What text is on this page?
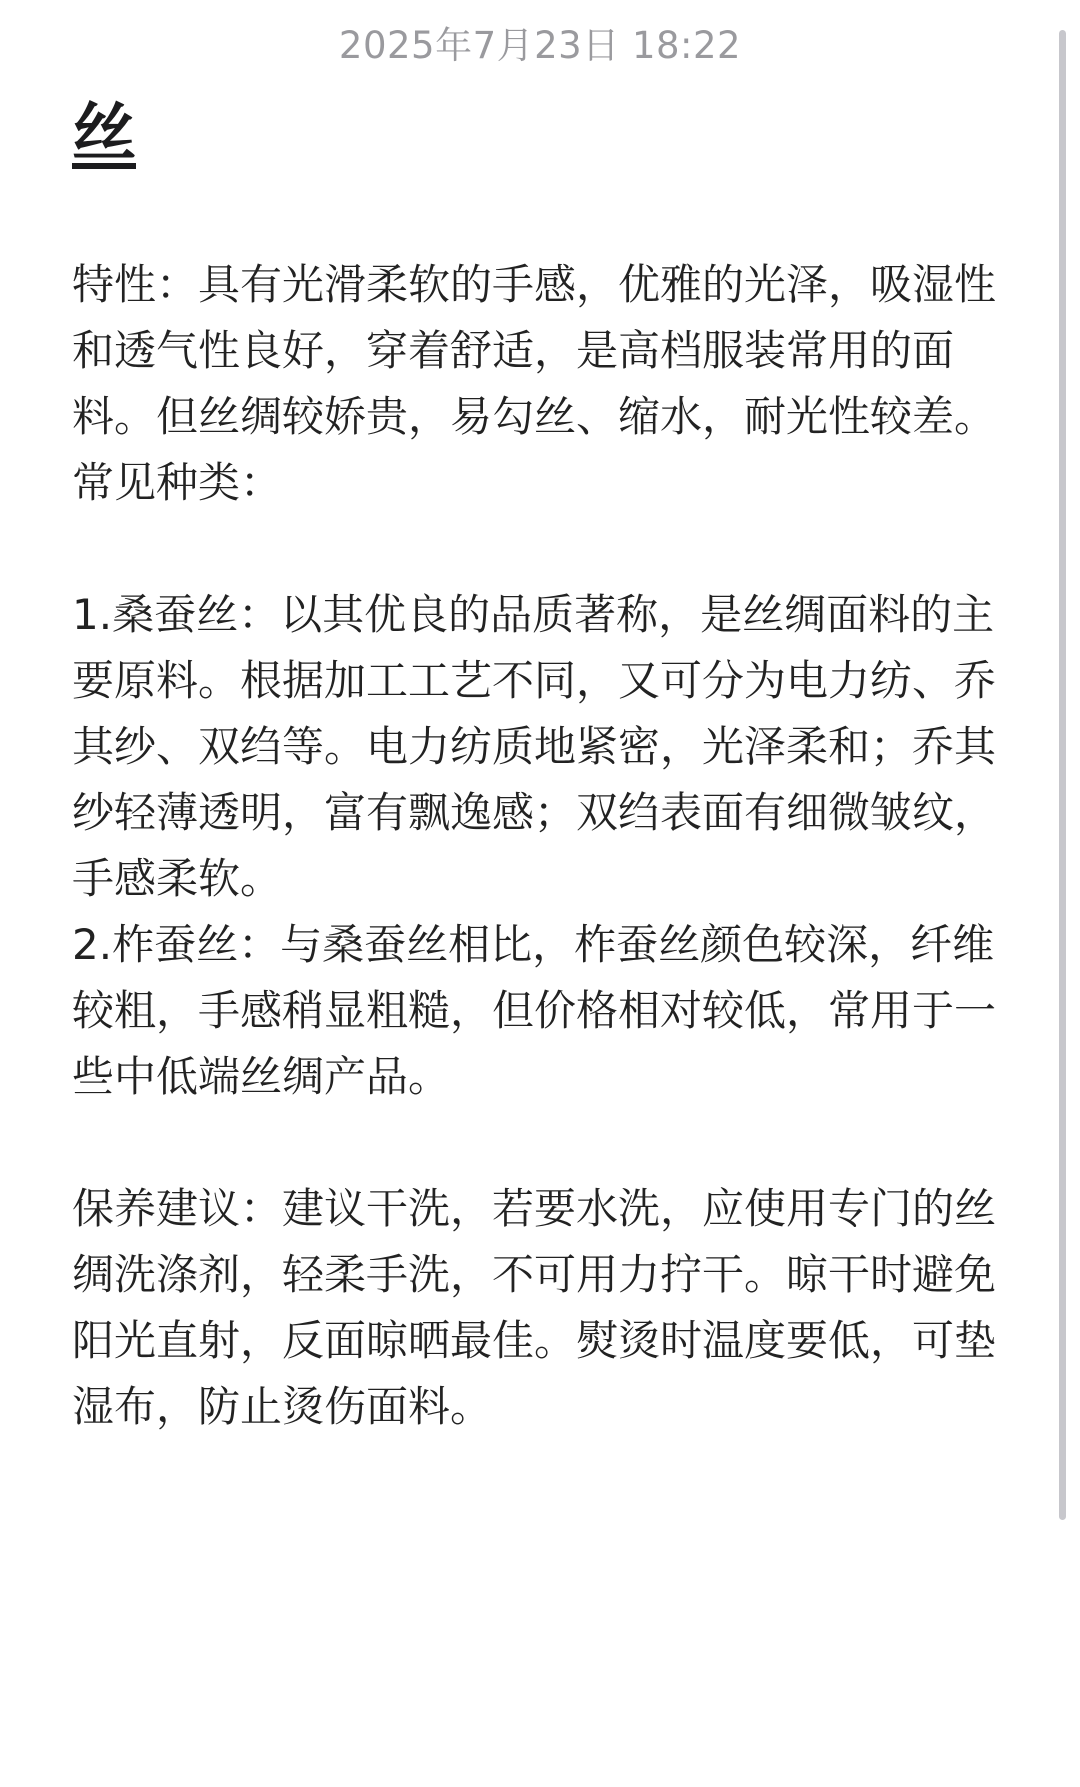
2025年7月23日 18:22
丝

特性：具有光滑柔软的手感，优雅的光泽，吸湿性和透气性良好，穿着舒适，是高档服装常用的面料。但丝绸较娇贵，易勾丝、缩水，耐光性较差。

常见种类：

1.桑蚕丝：以其优良的品质著称，是丝绸面料的主要原料。根据加工工艺不同，又可分为电力纺、乔其纱、双绉等。电力纺质地紧密，光泽柔和；乔其纱轻薄透明，富有飘逸感；双绉表面有细微皱纹，手感柔软。

2.柞蚕丝：与桑蚕丝相比，柞蚕丝颜色较深，纤维较粗，手感稍显粗糙，但价格相对较低，常用于一些中低端丝绸产品。

保养建议：建议干洗，若要水洗，应使用专门的丝绸洗涤剂，轻柔手洗，不可用力拧干。晾干时避免阳光直射，反面晾晒最佳。熨烫时温度要低，可垫湿布，防止烫伤面料。
